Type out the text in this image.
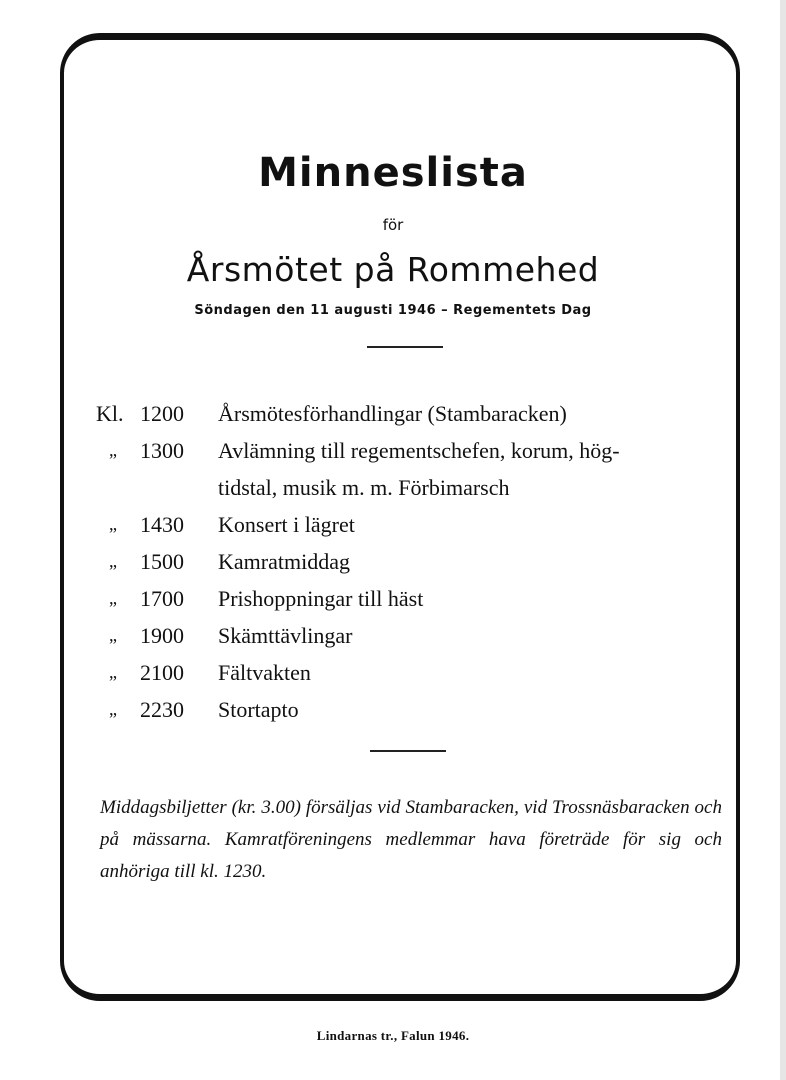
Minneslista
för
Årsmötet på Rommehed
Söndagen den 11 augusti 1946 – Regementets Dag
Kl. 1200	Årsmötesförhandlingar (Stambaracken)
„	1300	Avlämning till regementschefen, korum, hög-
tidstal, musik m. m. Förbimarsch
„	1430	Konsert i lägret
„	1500	Kamratmiddag
„	1700	Prishoppningar till häst
„	1900	Skämttävlingar
„	2100	Fältvakten
„	2230	Stortapto
Middagsbiljetter (kr. 3.00) försäljas vid Stambaracken, vid Trossnäsbaracken och på mässarna. Kamratföreningens medlemmar hava företräde för sig och anhöriga till kl. 1230.
Lindarnas tr., Falun 1946.
